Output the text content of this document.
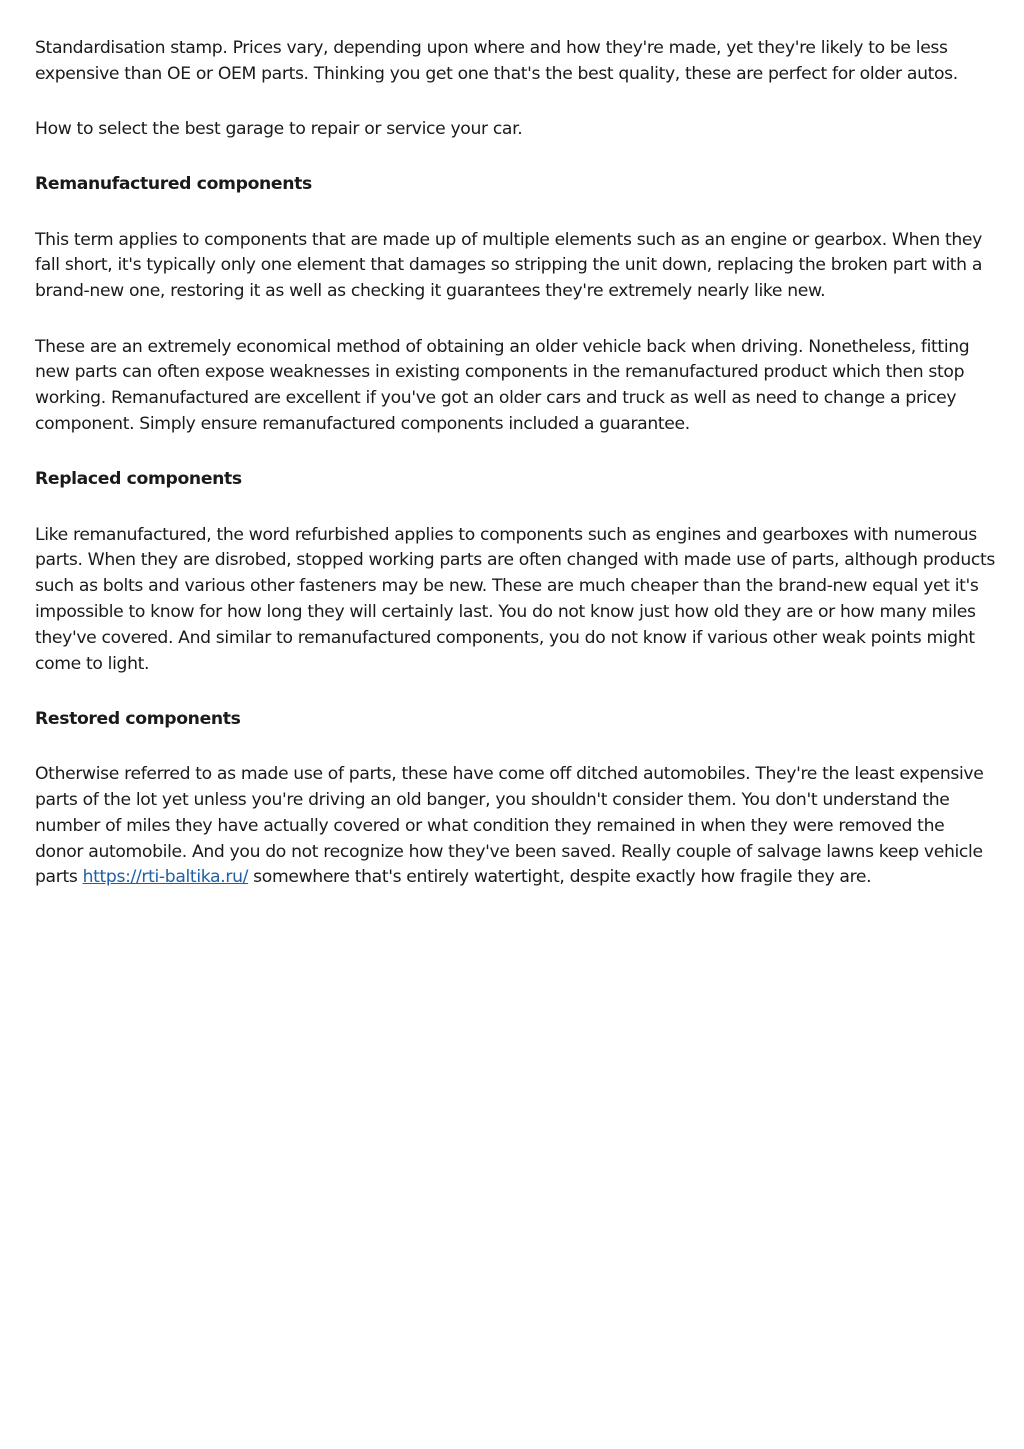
Standardisation stamp. Prices vary, depending upon where and how they're made, yet they're likely to be less expensive than OE or OEM parts. Thinking you get one that's the best quality, these are perfect for older autos.

How to select the best garage to repair or service your car.

Remanufactured components

This term applies to components that are made up of multiple elements such as an engine or gearbox. When they fall short, it's typically only one element that damages so stripping the unit down, replacing the broken part with a brand-new one, restoring it as well as checking it guarantees they're extremely nearly like new.

These are an extremely economical method of obtaining an older vehicle back when driving. Nonetheless, fitting new parts can often expose weaknesses in existing components in the remanufactured product which then stop working. Remanufactured are excellent if you've got an older cars and truck as well as need to change a pricey component. Simply ensure remanufactured components included a guarantee.

Replaced components

Like remanufactured, the word refurbished applies to components such as engines and gearboxes with numerous parts. When they are disrobed, stopped working parts are often changed with made use of parts, although products such as bolts and various other fasteners may be new. These are much cheaper than the brand-new equal yet it's impossible to know for how long they will certainly last. You do not know just how old they are or how many miles they've covered. And similar to remanufactured components, you do not know if various other weak points might come to light.

Restored components

Otherwise referred to as made use of parts, these have come off ditched automobiles. They're the least expensive parts of the lot yet unless you're driving an old banger, you shouldn't consider them. You don't understand the number of miles they have actually covered or what condition they remained in when they were removed the donor automobile. And you do not recognize how they've been saved. Really couple of salvage lawns keep vehicle parts https://rti-baltika.ru/ somewhere that's entirely watertight, despite exactly how fragile they are.
